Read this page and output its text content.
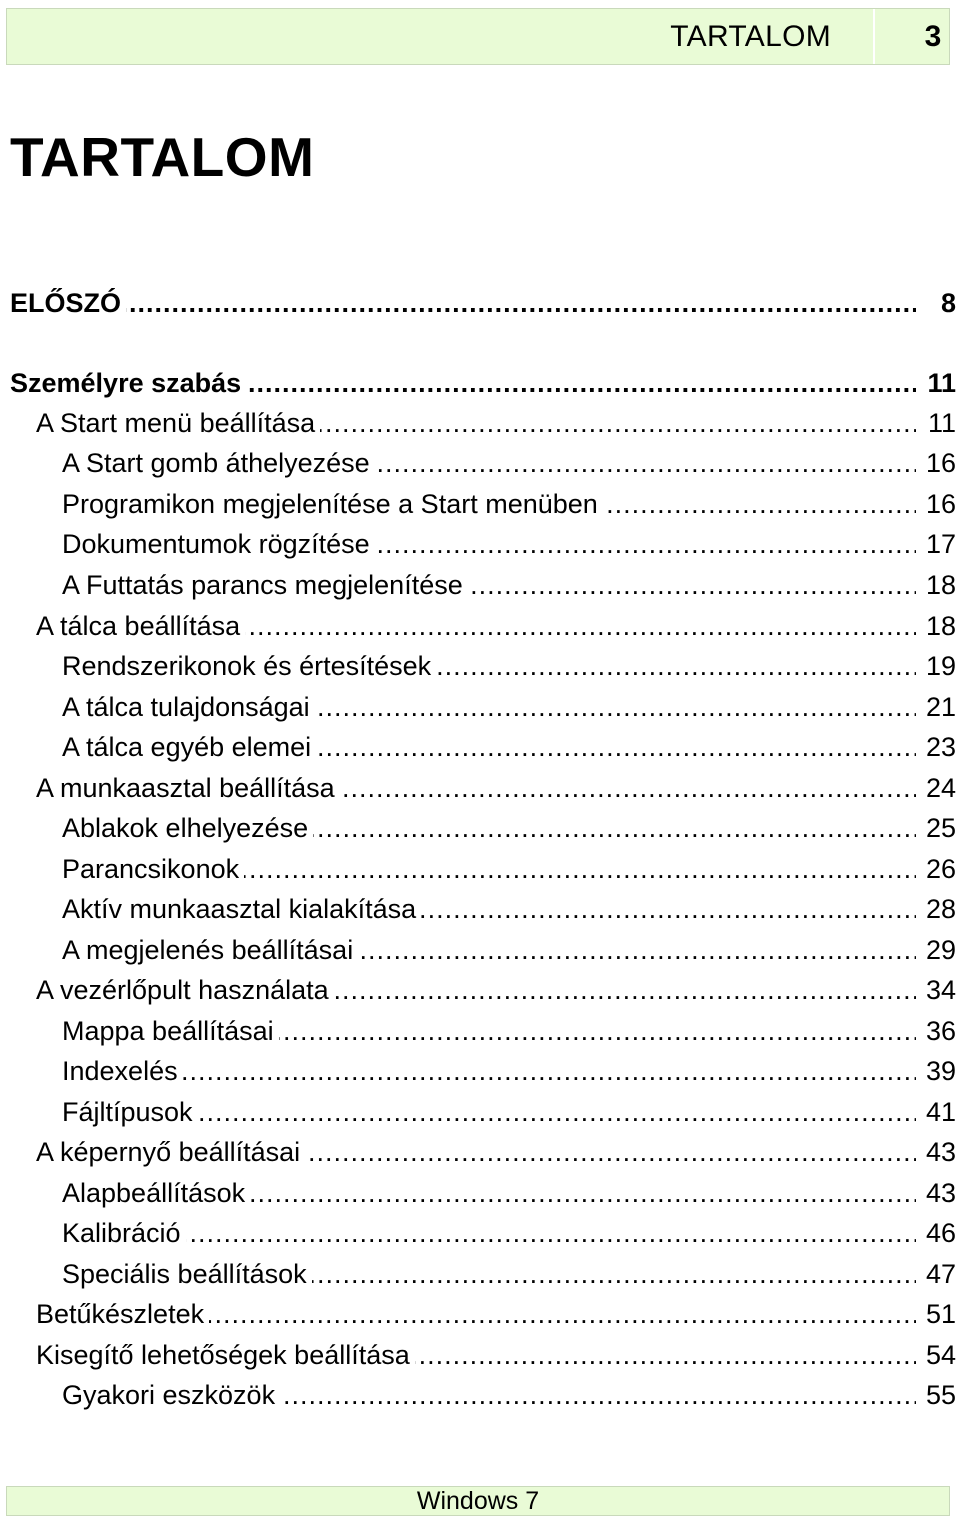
TARTALOM	3
TARTALOM
.....
ELŐSZÓ	8
.....
Személyre szabás	11
.....
A Start menü beállítása	11
.....
A Start gomb áthelyezése	16
.....
Programikon megjelenítése a Start menüben	16
.....
Dokumentumok rögzítése	17
.....
A Futtatás parancs megjelenítése	18
.....
A tálca beállítása	18
.....
Rendszerikonok és értesítések	19
.....
A tálca tulajdonságai	21
.....
A tálca egyéb elemei	23
.....
A munkaasztal beállítása	24
.....
Ablakok elhelyezése	25
.....
Parancsikonok	26
.....
Aktív munkaasztal kialakítása	28
.....
A megjelenés beállításai	29
.....
A vezérlőpult használata	34
.....
Mappa beállításai	36
.....
Indexelés	39
.....
Fájltípusok	41
.....
A képernyő beállításai	43
.....
Alapbeállítások	43
.....
Kalibráció	46
.....
Speciális beállítások	47
.....
Betűkészletek	51
.....
Kisegítő lehetőségek beállítása	54
.....
Gyakori eszközök	55
Windows 7
